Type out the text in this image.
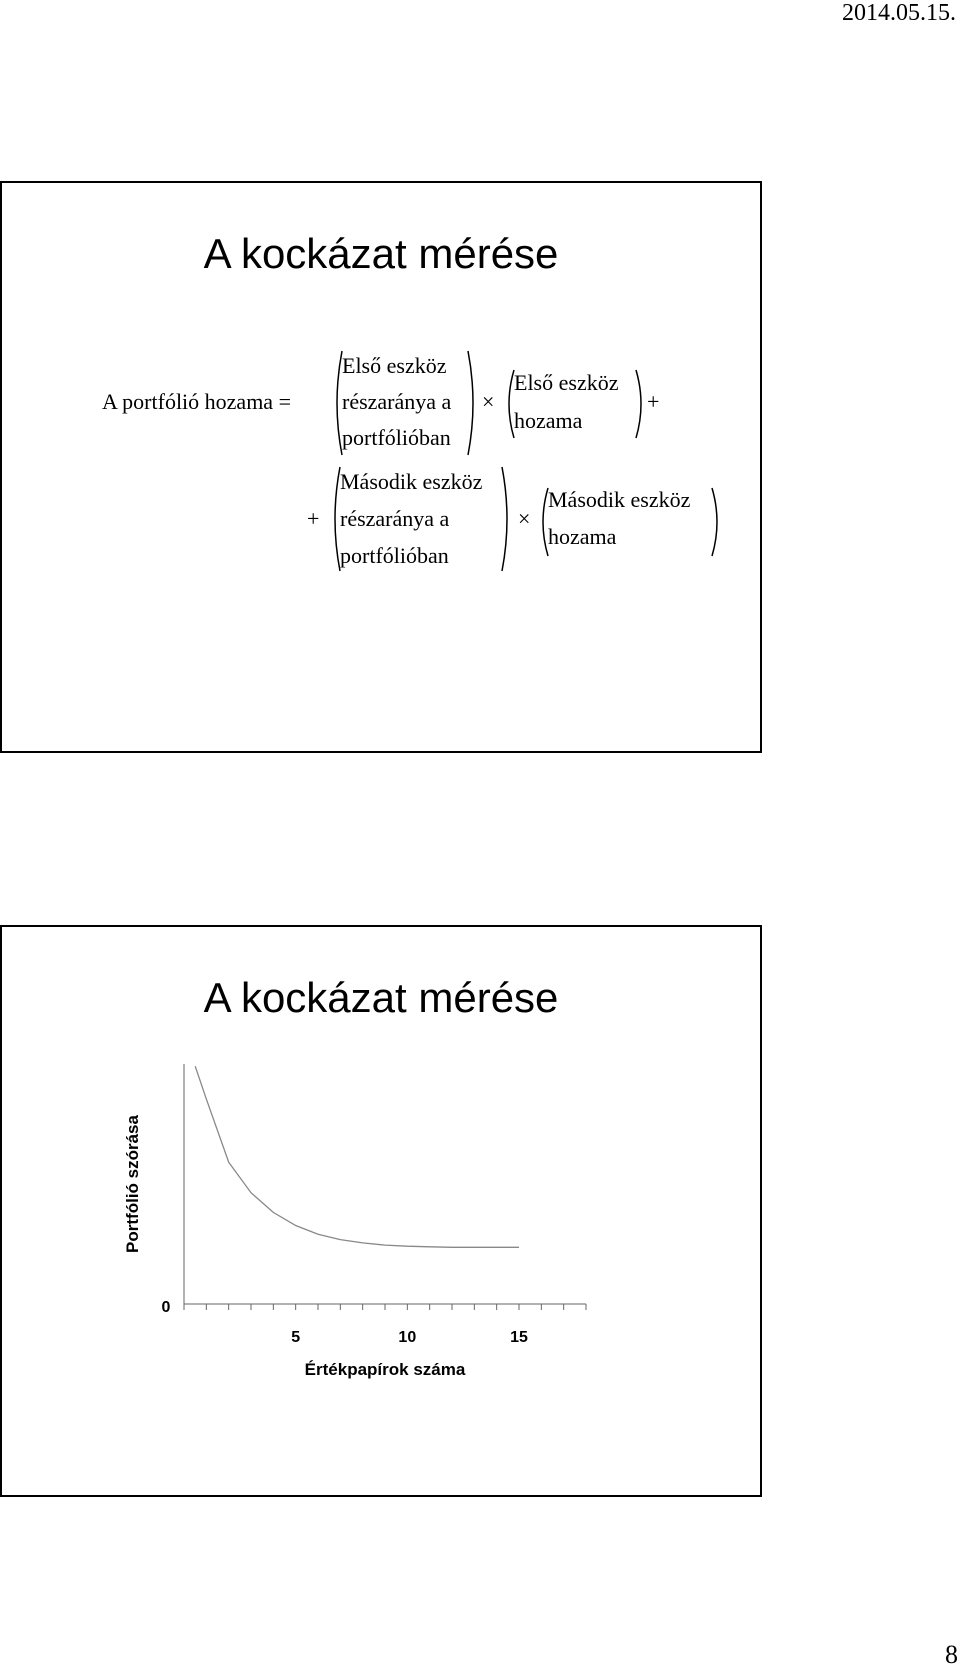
2014.05.15.
A kockázat mérése
A portfólió hozama =
Első eszköz
részaránya a
portfólióban
×
Első eszköz
hozama
+
+
Második eszköz
részaránya a
portfólióban
×
Második eszköz
hozama
A kockázat mérése
0
5	10	15
Értékpapírok száma
Portfólió szórása
8
